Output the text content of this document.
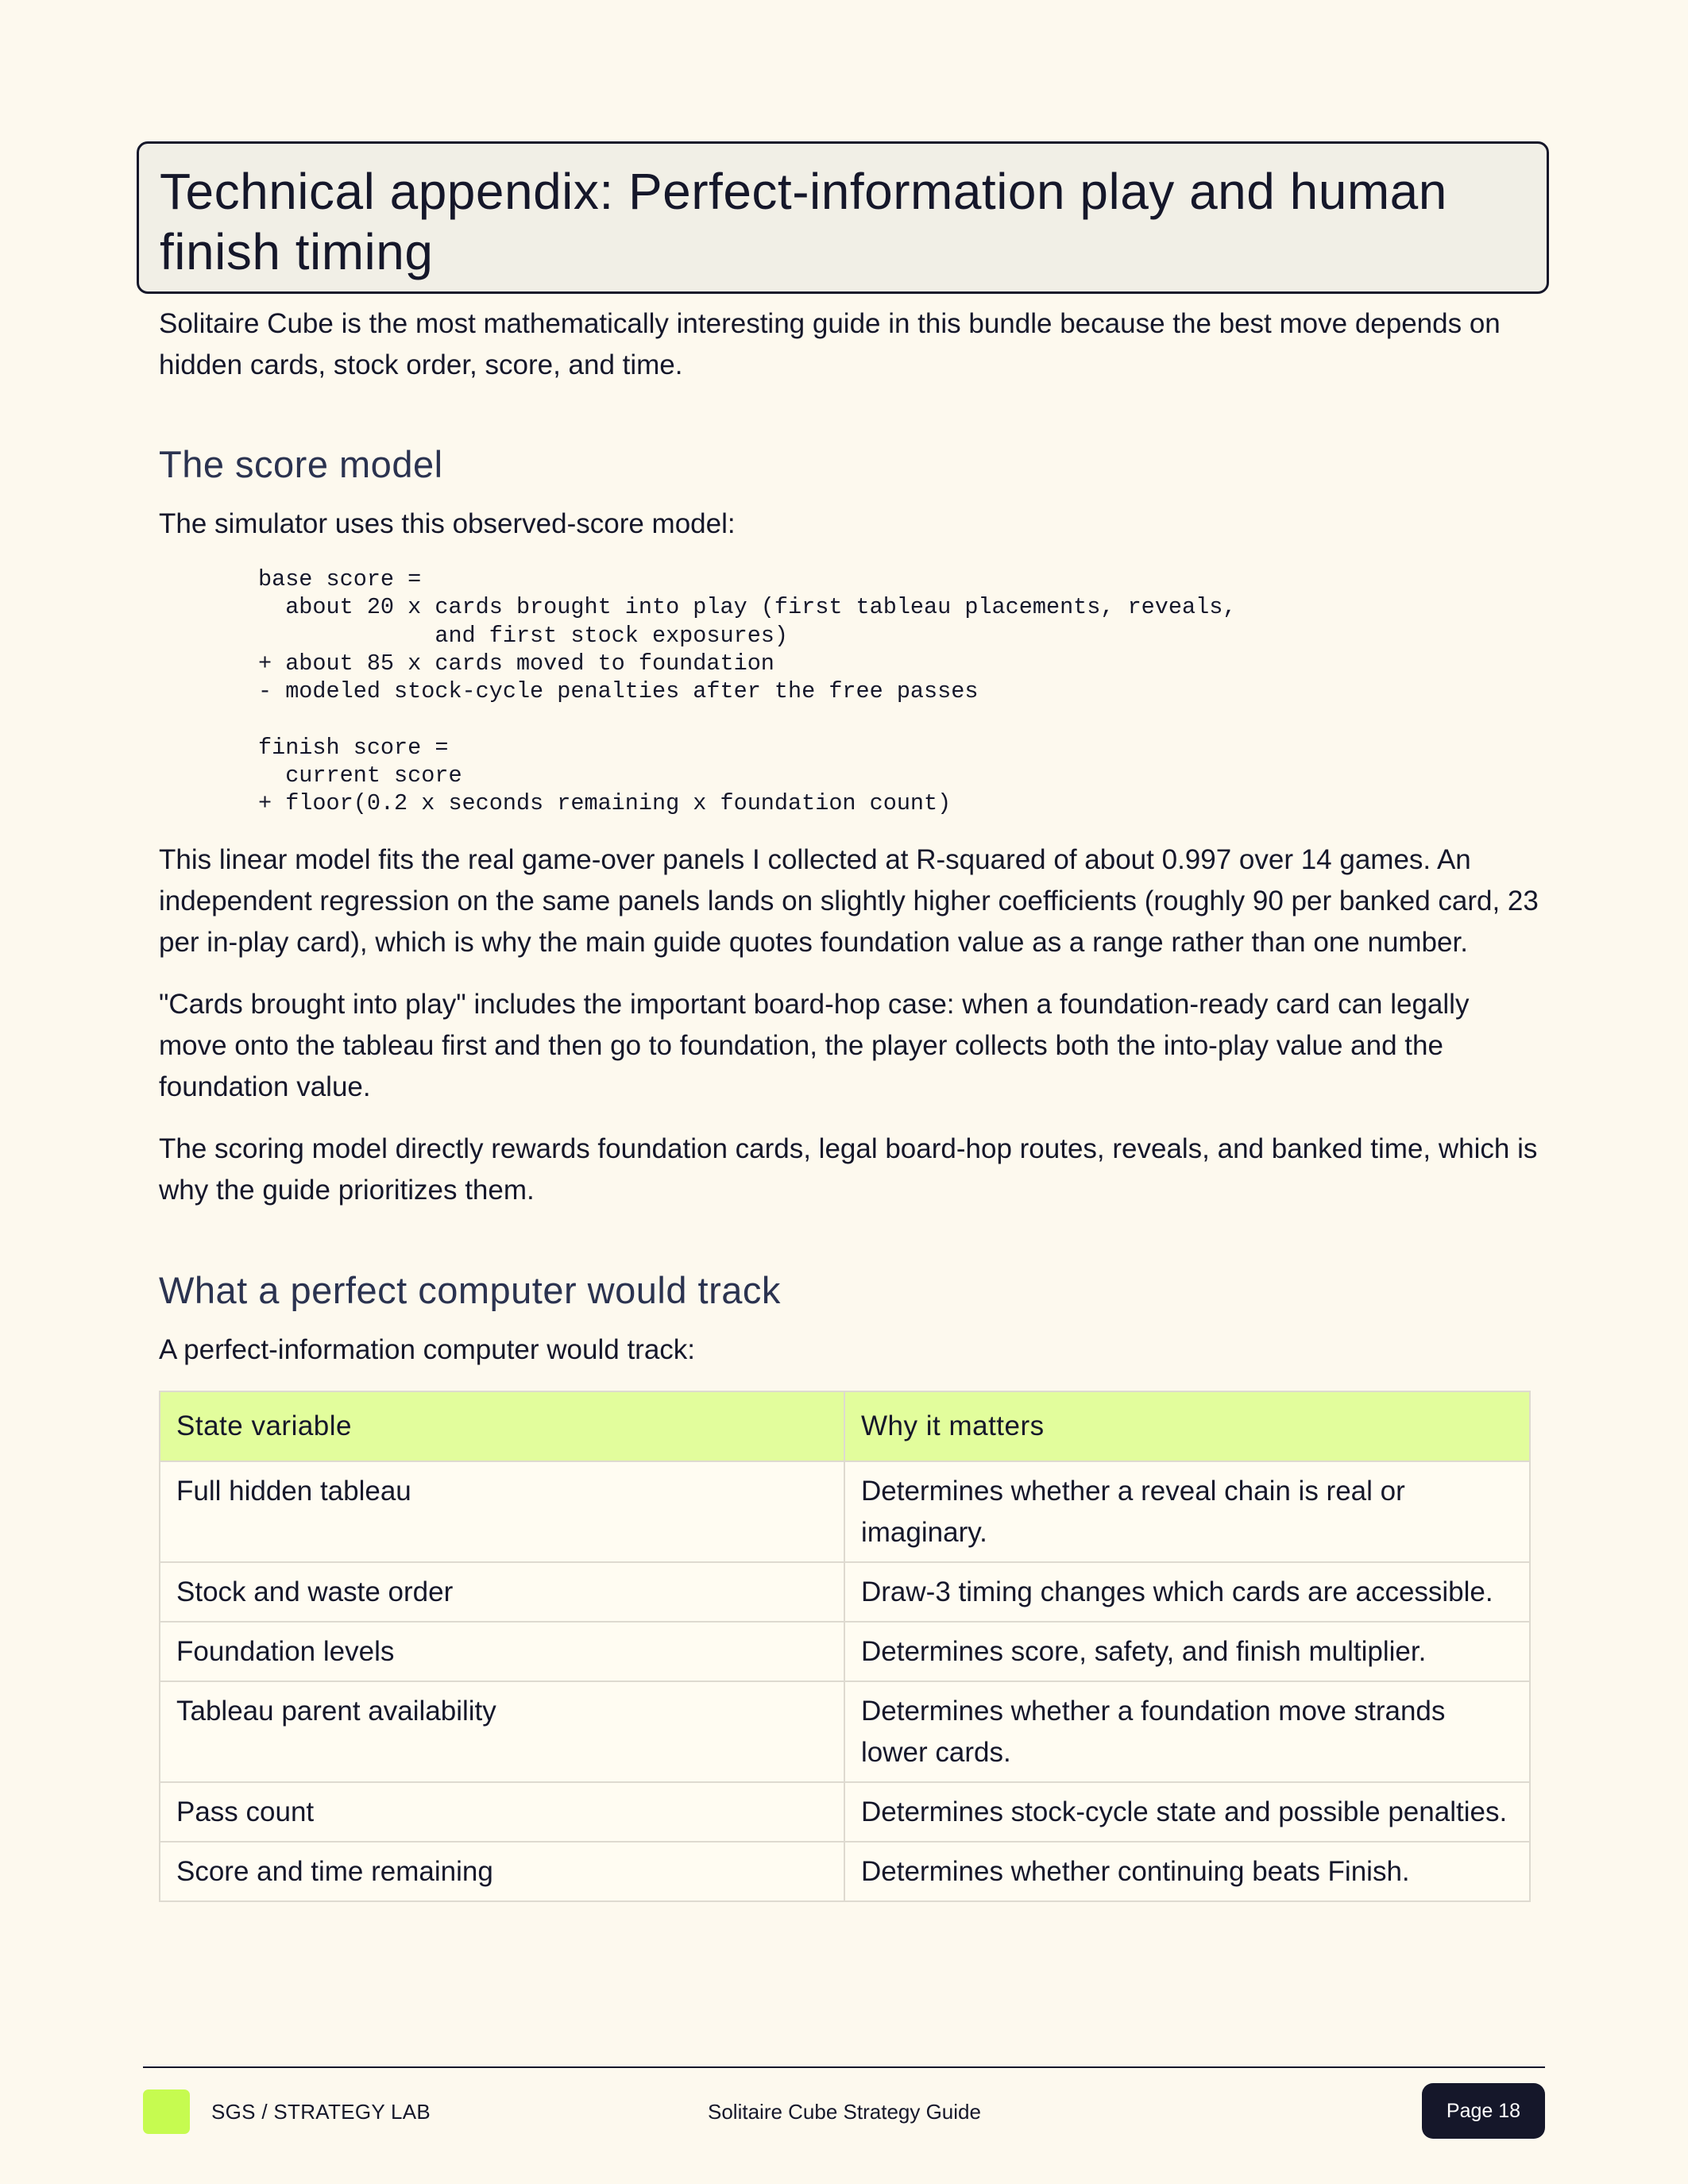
Technical appendix: Perfect-information play and human finish timing

Solitaire Cube is the most mathematically interesting guide in this bundle because the best move depends on hidden cards, stock order, score, and time.

The score model

The simulator uses this observed-score model:

base score =
about 20 x cards brought into play (first tableau placements, reveals,
and first stock exposures)
+ about 85 x cards moved to foundation
- modeled stock-cycle penalties after the free passes

finish score =
current score
+ floor(0.2 x seconds remaining x foundation count)

This linear model fits the real game-over panels I collected at R-squared of about 0.997 over 14 games. An independent regression on the same panels lands on slightly higher coefficients (roughly 90 per banked card, 23 per in-play card), which is why the main guide quotes foundation value as a range rather than one number.

"Cards brought into play" includes the important board-hop case: when a foundation-ready card can legally move onto the tableau first and then go to foundation, the player collects both the into-play value and the foundation value.

The scoring model directly rewards foundation cards, legal board-hop routes, reveals, and banked time, which is why the guide prioritizes them.

What a perfect computer would track

A perfect-information computer would track:

State variable	Why it matters
Full hidden tableau	Determines whether a reveal chain is real or imaginary.
Stock and waste order	Draw-3 timing changes which cards are accessible.
Foundation levels	Determines score, safety, and finish multiplier.
Tableau parent availability	Determines whether a foundation move strands lower cards.
Pass count	Determines stock-cycle state and possible penalties.
Score and time remaining	Determines whether continuing beats Finish.
SGS / STRATEGY LAB	Solitaire Cube Strategy Guide	Page 18
